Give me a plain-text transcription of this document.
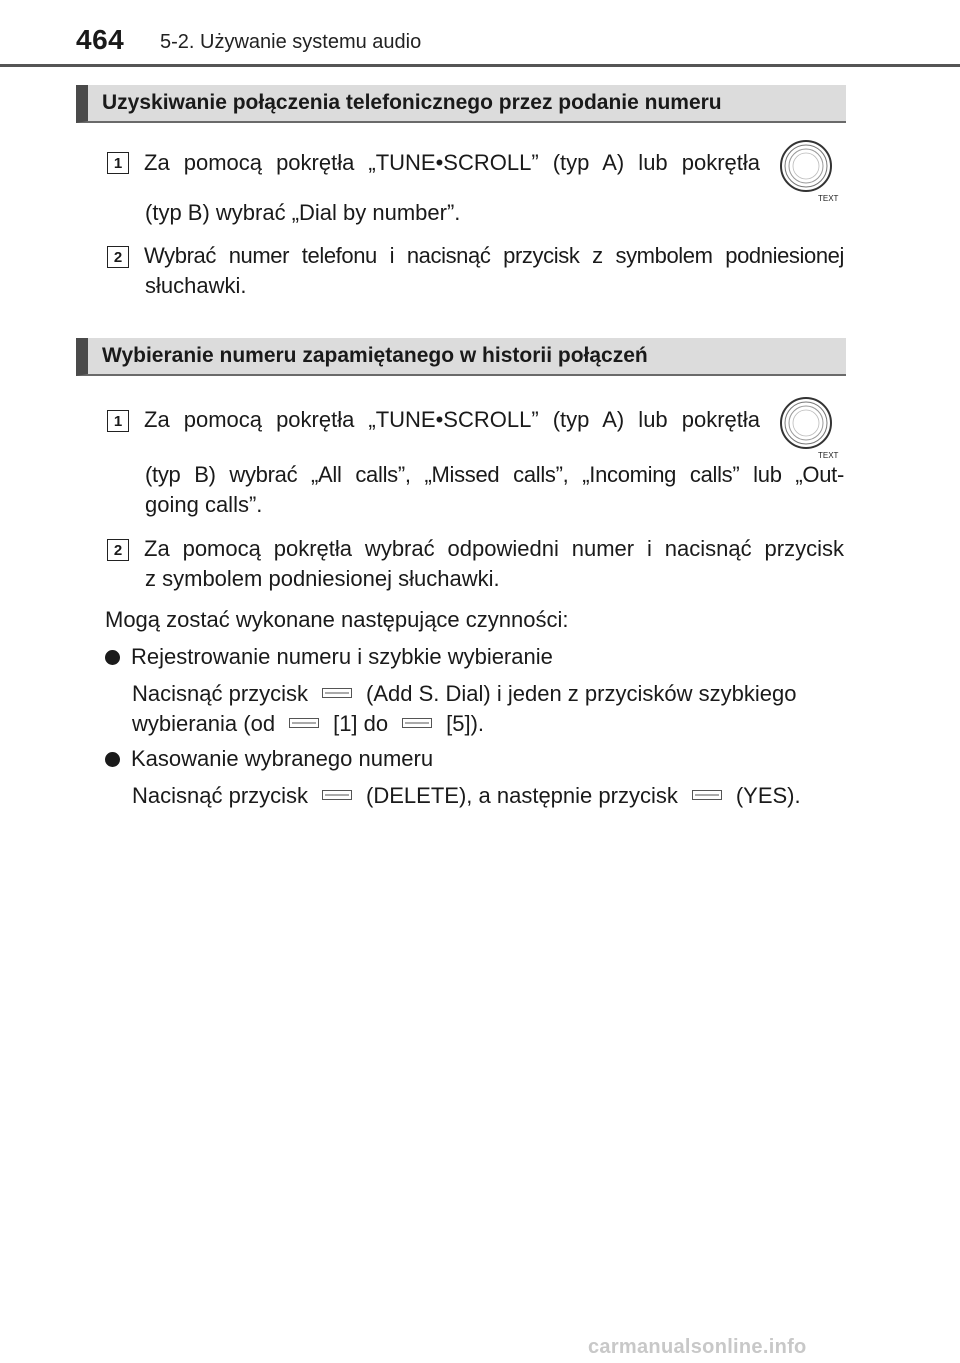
464 5-2. Używanie systemu audio
Uzyskiwanie połączenia telefonicznego przez podanie numeru
1 Za pomocą pokrętła „TUNE•SCROLL” (typ A) lub pokrętła
TEXT
(typ B) wybrać „Dial by number”.
2 Wybrać numer telefonu i nacisnąć przycisk z symbolem podniesionej
słuchawki.
Wybieranie numeru zapamiętanego w historii połączeń
1 Za pomocą pokrętła „TUNE•SCROLL” (typ A) lub pokrętła
TEXT
(typ B) wybrać „All calls”, „Missed calls”, „Incoming calls” lub „Out-
going calls”.
2 Za pomocą pokrętła wybrać odpowiedni numer i nacisnąć przycisk
z symbolem podniesionej słuchawki.
Mogą zostać wykonane następujące czynności:
Rejestrowanie numeru i szybkie wybieranie
Nacisnąć przycisk	(Add S. Dial) i jeden z przycisków szybkiego
wybierania (od	[1] do	[5]).
Kasowanie wybranego numeru
Nacisnąć przycisk	(DELETE), a następnie przycisk	(YES).
carmanualsonline.info
